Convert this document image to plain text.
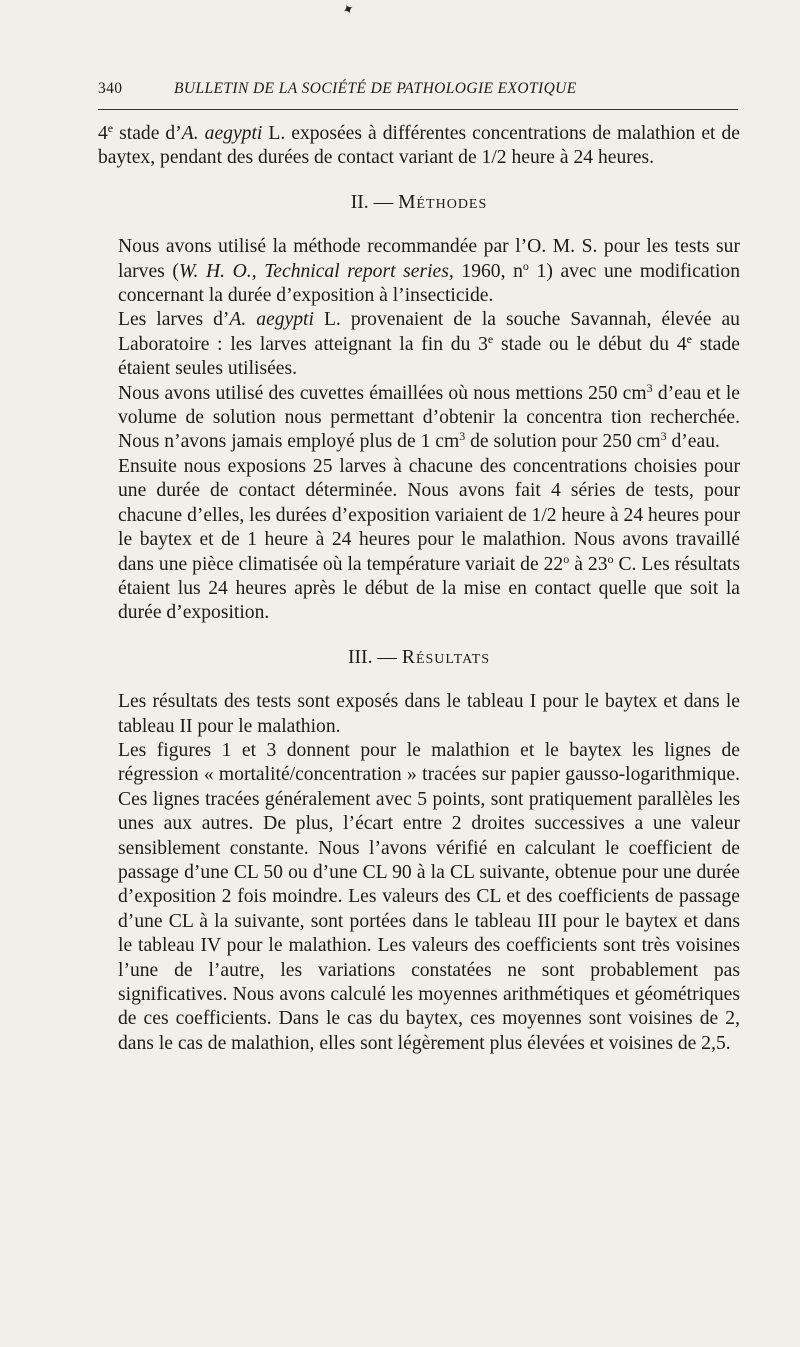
✦
340	BULLETIN DE LA SOCIÉTÉ DE PATHOLOGIE EXOTIQUE

4e stade d’A. aegypti L. exposées à différentes concentrations de malathion et de baytex, pendant des durées de contact variant de 1/2 heure à 24 heures.

II. — Méthodes

Nous avons utilisé la méthode recommandée par l’O. M. S. pour les tests sur larves (W. H. O., Technical report series, 1960, $n^o$ 1) avec une modification concernant la durée d’exposition à l’insecticide.

Les larves d’A. aegypti L. provenaient de la souche Savannah, élevée au Laboratoire : les larves atteignant la fin du 3e stade ou le début du 4e stade étaient seules utilisées.

Nous avons utilisé des cuvettes émaillées où nous mettions 250 $cm^3$ d’eau et le volume de solution nous permettant d’obtenir la concentra tion recherchée. Nous n’avons jamais employé plus de 1 $cm^3$ de solution pour 250 $cm^3$ d’eau.

Ensuite nous exposions 25 larves à chacune des concentrations choisies pour une durée de contact déterminée. Nous avons fait 4 séries de tests, pour chacune d’elles, les durées d’exposition variaient de 1/2 heure à 24 heures pour le baytex et de 1 heure à 24 heures pour le malathion. Nous avons travaillé dans une pièce climatisée où la température variait de 22$^o$ à 23$^o$ C. Les résultats étaient lus 24 heures après le début de la mise en contact quelle que soit la durée d’exposition.

III. — Résultats

Les résultats des tests sont exposés dans le tableau I pour le baytex et dans le tableau II pour le malathion.

Les figures 1 et 3 donnent pour le malathion et le baytex les lignes de régression « mortalité/concentration » tracées sur papier gausso-logarithmique. Ces lignes tracées généralement avec 5 points, sont pratiquement parallèles les unes aux autres. De plus, l’écart entre 2 droites successives a une valeur sensiblement constante. Nous l’avons vérifié en calculant le coefficient de passage d’une CL 50 ou d’une CL 90 à la CL suivante, obtenue pour une durée d’exposition 2 fois moindre. Les valeurs des CL et des coefficients de passage d’une CL à la suivante, sont portées dans le tableau III pour le baytex et dans le tableau IV pour le malathion. Les valeurs des coefficients sont très voisines l’une de l’autre, les variations constatées ne sont probablement pas significatives. Nous avons calculé les moyennes arithmétiques et géométriques de ces coefficients. Dans le cas du baytex, ces moyennes sont voisines de 2, dans le cas de malathion, elles sont légèrement plus élevées et voisines de 2,5.
